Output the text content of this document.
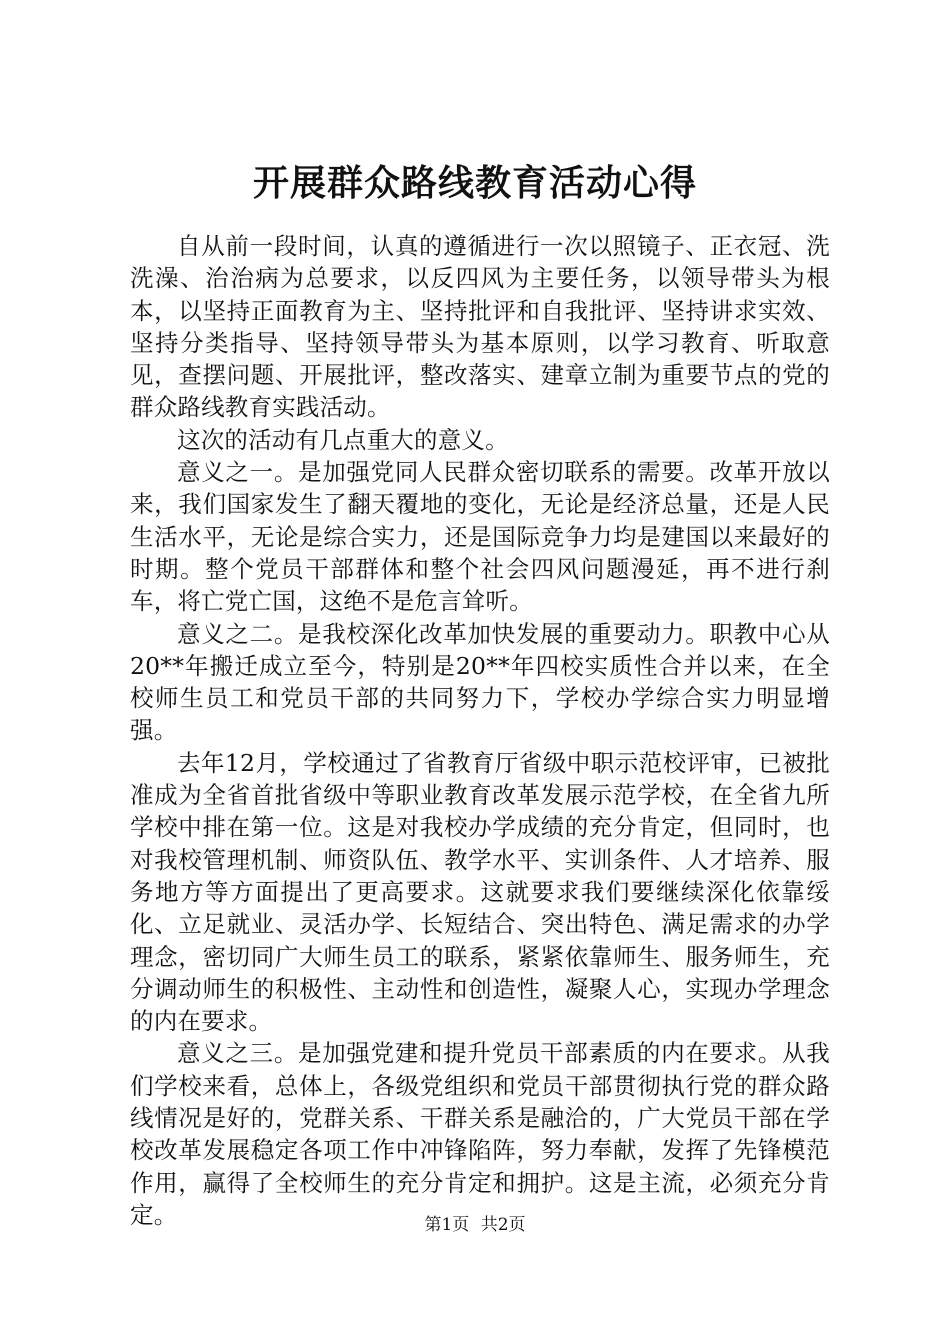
开展群众路线教育活动心得

自从前一段时间，认真的遵循进行一次以照镜子、正衣冠、洗洗澡、治治病为总要求，以反四风为主要任务，以领导带头为根本，以坚持正面教育为主、坚持批评和自我批评、坚持讲求实效、坚持分类指导、坚持领导带头为基本原则，以学习教育、听取意见，查摆问题、开展批评，整改落实、建章立制为重要节点的党的群众路线教育实践活动。

这次的活动有几点重大的意义。

意义之一。是加强党同人民群众密切联系的需要。改革开放以来，我们国家发生了翻天覆地的变化，无论是经济总量，还是人民生活水平，无论是综合实力，还是国际竞争力均是建国以来最好的时期。整个党员干部群体和整个社会四风问题漫延，再不进行刹车，将亡党亡国，这绝不是危言耸听。

意义之二。是我校深化改革加快发展的重要动力。职教中心从20**年搬迁成立至今，特别是20**年四校实质性合并以来，在全校师生员工和党员干部的共同努力下，学校办学综合实力明显增强。

去年12月，学校通过了省教育厅省级中职示范校评审，已被批准成为全省首批省级中等职业教育改革发展示范学校，在全省九所学校中排在第一位。这是对我校办学成绩的充分肯定，但同时，也对我校管理机制、师资队伍、教学水平、实训条件、人才培养、服务地方等方面提出了更高要求。这就要求我们要继续深化依靠绥化、立足就业、灵活办学、长短结合、突出特色、满足需求的办学理念，密切同广大师生员工的联系，紧紧依靠师生、服务师生，充分调动师生的积极性、主动性和创造性，凝聚人心，实现办学理念的内在要求。

意义之三。是加强党建和提升党员干部素质的内在要求。从我们学校来看，总体上，各级党组织和党员干部贯彻执行党的群众路线情况是好的，党群关系、干群关系是融洽的，广大党员干部在学校改革发展稳定各项工作中冲锋陷阵，努力奉献，发挥了先锋模范作用，赢得了全校师生的充分肯定和拥护。这是主流，必须充分肯定。	第1页 共2页
